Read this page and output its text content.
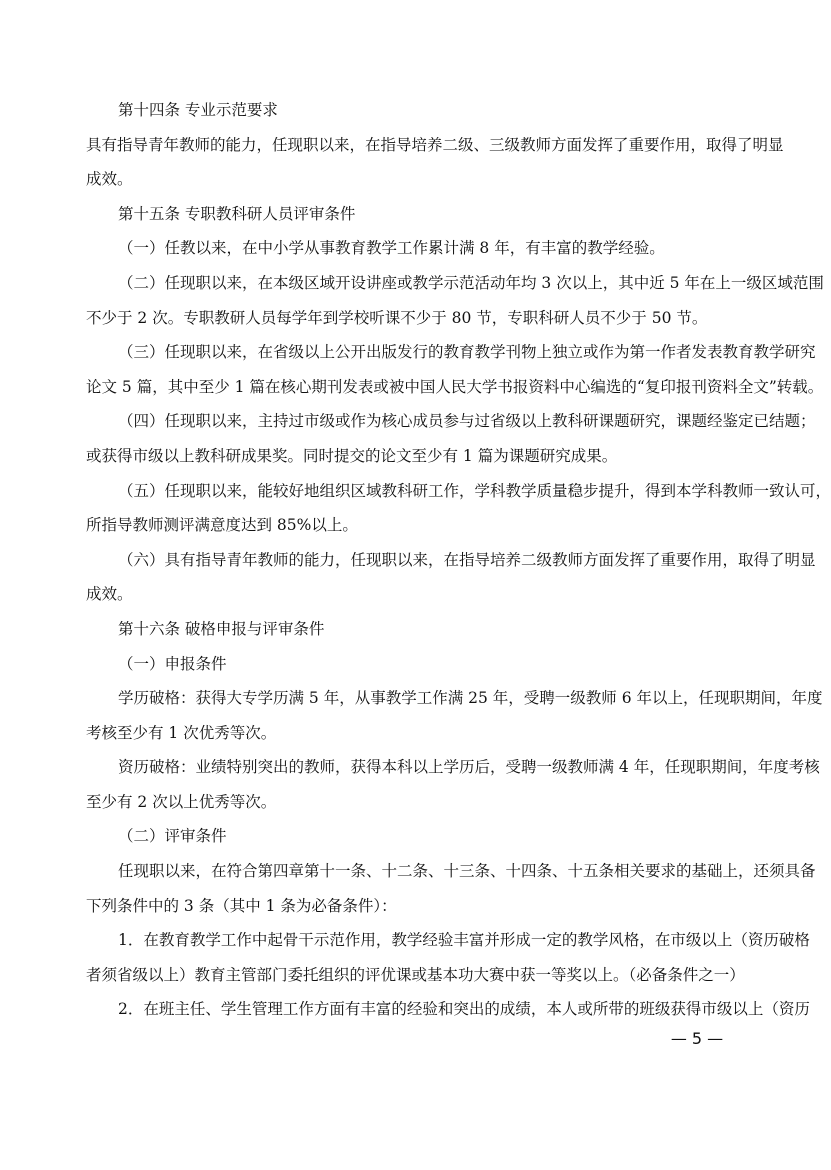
第十四条 专业示范要求
具有指导青年教师的能力，任现职以来，在指导培养二级、三级教师方面发挥了重要作用，取得了明显
成效。
第十五条 专职教科研人员评审条件
（一）任教以来，在中小学从事教育教学工作累计满 8 年，有丰富的教学经验。
（二）任现职以来，在本级区域开设讲座或教学示范活动年均 3 次以上，其中近 5 年在上一级区域范围
不少于 2 次。专职教研人员每学年到学校听课不少于 80 节，专职科研人员不少于 50 节。
（三）任现职以来，在省级以上公开出版发行的教育教学刊物上独立或作为第一作者发表教育教学研究
论文 5 篇，其中至少 1 篇在核心期刊发表或被中国人民大学书报资料中心编选的“复印报刊资料全文”转载。
（四）任现职以来，主持过市级或作为核心成员参与过省级以上教科研课题研究，课题经鉴定已结题；
或获得市级以上教科研成果奖。同时提交的论文至少有 1 篇为课题研究成果。
（五）任现职以来，能较好地组织区域教科研工作，学科教学质量稳步提升，得到本学科教师一致认可，
所指导教师测评满意度达到 85%以上。
（六）具有指导青年教师的能力，任现职以来，在指导培养二级教师方面发挥了重要作用，取得了明显
成效。
第十六条 破格申报与评审条件
（一）申报条件
学历破格：获得大专学历满 5 年，从事教学工作满 25 年，受聘一级教师 6 年以上，任现职期间，年度
考核至少有 1 次优秀等次。
资历破格：业绩特别突出的教师，获得本科以上学历后，受聘一级教师满 4 年，任现职期间，年度考核
至少有 2 次以上优秀等次。
（二）评审条件
任现职以来，在符合第四章第十一条、十二条、十三条、十四条、十五条相关要求的基础上，还须具备
下列条件中的 3 条（其中 1 条为必备条件）：
1．在教育教学工作中起骨干示范作用，教学经验丰富并形成一定的教学风格，在市级以上（资历破格
者须省级以上）教育主管部门委托组织的评优课或基本功大赛中获一等奖以上。（必备条件之一）
2．在班主任、学生管理工作方面有丰富的经验和突出的成绩，本人或所带的班级获得市级以上（资历
— 5 —
